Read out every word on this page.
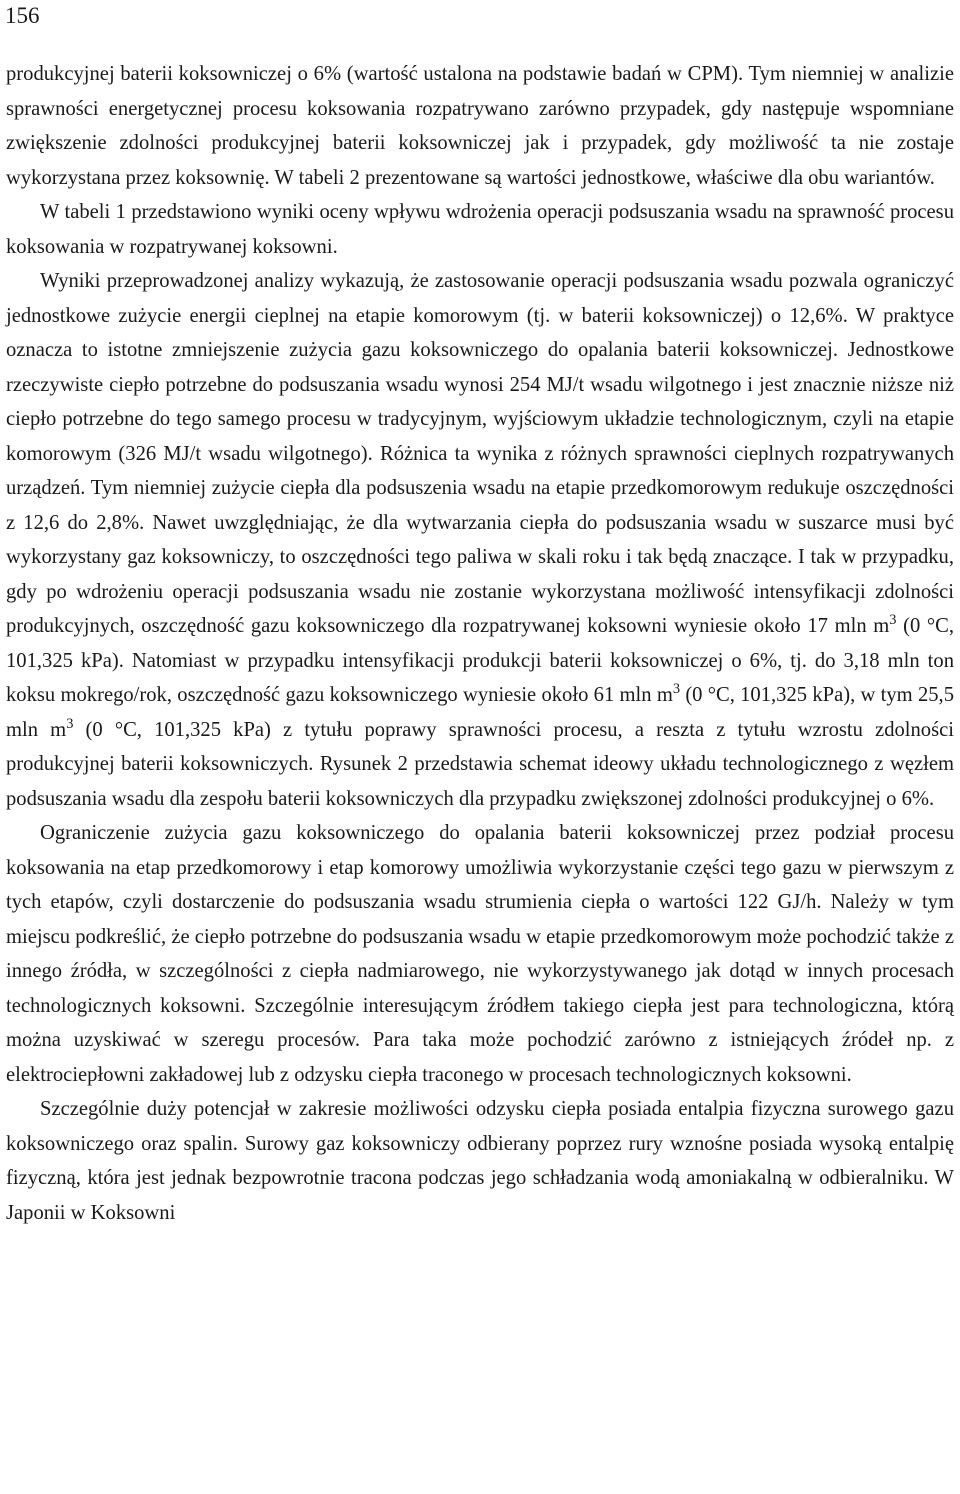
156

produkcyjnej baterii koksowniczej o 6% (wartość ustalona na podstawie badań w CPM). Tym niemniej w analizie sprawności energetycznej procesu koksowania rozpatrywano zarówno przypadek, gdy następuje wspomniane zwiększenie zdolności produkcyjnej baterii koksowniczej jak i przypadek, gdy możliwość ta nie zostaje wykorzystana przez koksownię. W tabeli 2 prezentowane są wartości jednostkowe, właściwe dla obu wariantów.

W tabeli 1 przedstawiono wyniki oceny wpływu wdrożenia operacji podsuszania wsadu na sprawność procesu koksowania w rozpatrywanej koksowni.

Wyniki przeprowadzonej analizy wykazują, że zastosowanie operacji podsuszania wsadu pozwala ograniczyć jednostkowe zużycie energii cieplnej na etapie komorowym (tj. w baterii koksowniczej) o 12,6%. W praktyce oznacza to istotne zmniejszenie zużycia gazu koksowniczego do opalania baterii koksowniczej. Jednostkowe rzeczywiste ciepło potrzebne do podsuszania wsadu wynosi 254 MJ/t wsadu wilgotnego i jest znacznie niższe niż ciepło potrzebne do tego samego procesu w tradycyjnym, wyjściowym układzie technologicznym, czyli na etapie komorowym (326 MJ/t wsadu wilgotnego). Różnica ta wynika z różnych sprawności cieplnych rozpatrywanych urządzeń. Tym niemniej zużycie ciepła dla podsuszenia wsadu na etapie przedkomorowym redukuje oszczędności z 12,6 do 2,8%. Nawet uwzględniając, że dla wytwarzania ciepła do podsuszania wsadu w suszarce musi być wykorzystany gaz koksowniczy, to oszczędności tego paliwa w skali roku i tak będą znaczące. I tak w przypadku, gdy po wdrożeniu operacji podsuszania wsadu nie zostanie wykorzystana możliwość intensyfikacji zdolności produkcyjnych, oszczędność gazu koksowniczego dla rozpatrywanej koksowni wyniesie około 17 mln $m^3$ (0 °C, 101,325 kPa). Natomiast w przypadku intensyfikacji produkcji baterii koksowniczej o 6%, tj. do 3,18 mln ton koksu mokrego/rok, oszczędność gazu koksowniczego wyniesie około 61 mln $m^3$ (0 °C, 101,325 kPa), w tym 25,5 mln $m^3$ (0 °C, 101,325 kPa) z tytułu poprawy sprawności procesu, a reszta z tytułu wzrostu zdolności produkcyjnej baterii koksowniczych. Rysunek 2 przedstawia schemat ideowy układu technologicznego z węzłem podsuszania wsadu dla zespołu baterii koksowniczych dla przypadku zwiększonej zdolności produkcyjnej o 6%.

Ograniczenie zużycia gazu koksowniczego do opalania baterii koksowniczej przez podział procesu koksowania na etap przedkomorowy i etap komorowy umożliwia wykorzystanie części tego gazu w pierwszym z tych etapów, czyli dostarczenie do podsuszania wsadu strumienia ciepła o wartości 122 GJ/h. Należy w tym miejscu podkreślić, że ciepło potrzebne do podsuszania wsadu w etapie przedkomorowym może pochodzić także z innego źródła, w szczególności z ciepła nadmiarowego, nie wykorzystywanego jak dotąd w innych procesach technologicznych koksowni. Szczególnie interesującym źródłem takiego ciepła jest para technologiczna, którą można uzyskiwać w szeregu procesów. Para taka może pochodzić zarówno z istniejących źródeł np. z elektrociepłowni zakładowej lub z odzysku ciepła traconego w procesach technologicznych koksowni.

Szczególnie duży potencjał w zakresie możliwości odzysku ciepła posiada entalpia fizyczna surowego gazu koksowniczego oraz spalin. Surowy gaz koksowniczy odbierany poprzez rury wznośne posiada wysoką entalpię fizyczną, która jest jednak bezpowrotnie tracona podczas jego schładzania wodą amoniakalną w odbieralniku. W Japonii w Koksowni
